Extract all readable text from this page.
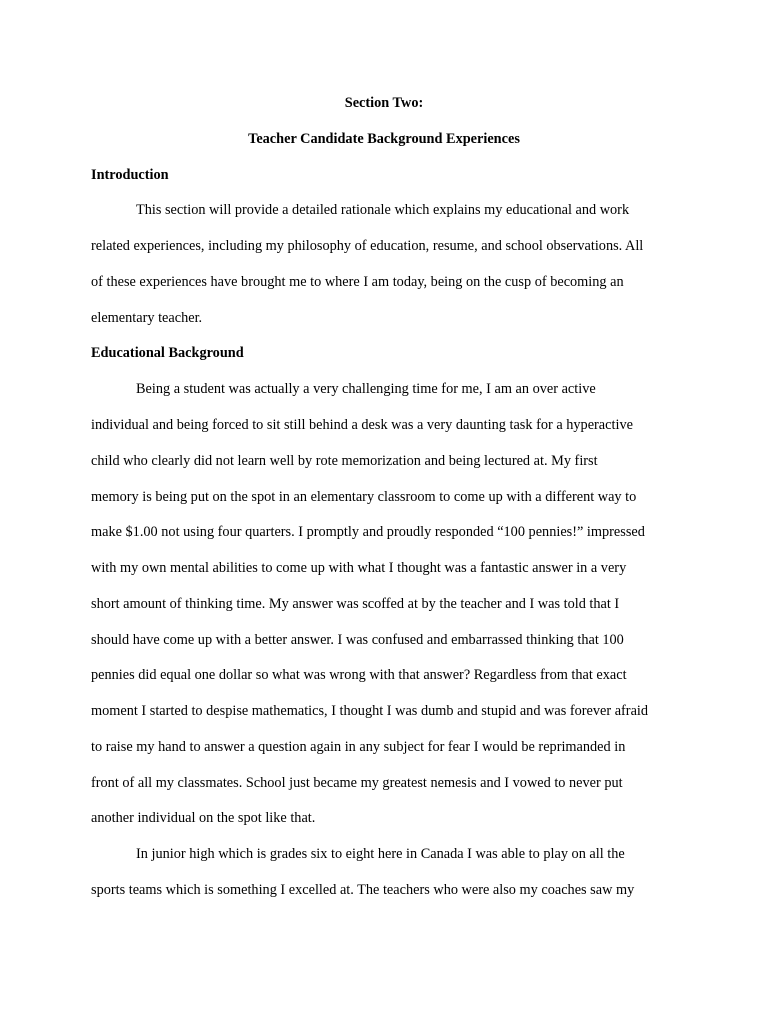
Section Two:
Teacher Candidate Background Experiences
Introduction
This section will provide a detailed rationale which explains my educational and work
related experiences, including my philosophy of education, resume, and school observations. All
of these experiences have brought me to where I am today, being on the cusp of becoming an
elementary teacher.
Educational Background
Being a student was actually a very challenging time for me, I am an over active
individual and being forced to sit still behind a desk was a very daunting task for a hyperactive
child who clearly did not learn well by rote memorization and being lectured at. My first
memory is being put on the spot in an elementary classroom to come up with a different way to
make $1.00 not using four quarters. I promptly and proudly responded “100 pennies!” impressed
with my own mental abilities to come up with what I thought was a fantastic answer in a very
short amount of thinking time. My answer was scoffed at by the teacher and I was told that I
should have come up with a better answer. I was confused and embarrassed thinking that 100
pennies did equal one dollar so what was wrong with that answer? Regardless from that exact
moment I started to despise mathematics, I thought I was dumb and stupid and was forever afraid
to raise my hand to answer a question again in any subject for fear I would be reprimanded in
front of all my classmates. School just became my greatest nemesis and I vowed to never put
another individual on the spot like that.
In junior high which is grades six to eight here in Canada I was able to play on all the
sports teams which is something I excelled at. The teachers who were also my coaches saw my
